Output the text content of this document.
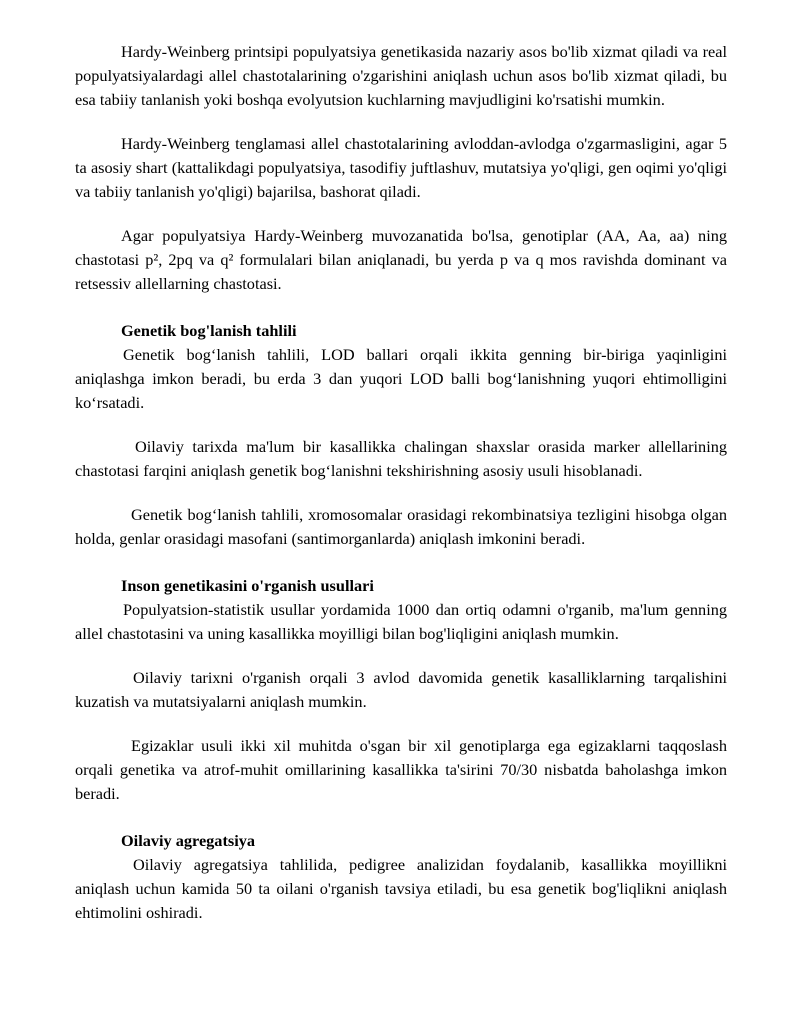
Hardy-Weinberg printsipi populyatsiya genetikasida nazariy asos bo'lib xizmat qiladi va real populyatsiyalardagi allel chastotalarining o'zgarishini aniqlash uchun asos bo'lib xizmat qiladi, bu esa tabiiy tanlanish yoki boshqa evolyutsion kuchlarning mavjudligini ko'rsatishi mumkin.

Hardy-Weinberg tenglamasi allel chastotalarining avloddan-avlodga o'zgarmasligini, agar 5 ta asosiy shart (kattalikdagi populyatsiya, tasodifiy juftlashuv, mutatsiya yo'qligi, gen oqimi yo'qligi va tabiiy tanlanish yo'qligi) bajarilsa, bashorat qiladi.

Agar populyatsiya Hardy-Weinberg muvozanatida bo'lsa, genotiplar (AA, Aa, aa) ning chastotasi p², 2pq va q² formulalari bilan aniqlanadi, bu yerda p va q mos ravishda dominant va retsessiv allellarning chastotasi.

Genetik bog'lanish tahlili

Genetik bog‘lanish tahlili, LOD ballari orqali ikkita genning bir-biriga yaqinligini aniqlashga imkon beradi, bu erda 3 dan yuqori LOD balli bog‘lanishning yuqori ehtimolligini ko‘rsatadi.

Oilaviy tarixda ma'lum bir kasallikka chalingan shaxslar orasida marker allellarining chastotasi farqini aniqlash genetik bog‘lanishni tekshirishning asosiy usuli hisoblanadi.

Genetik bog‘lanish tahlili, xromosomalar orasidagi rekombinatsiya tezligini hisobga olgan holda, genlar orasidagi masofani (santimorganlarda) aniqlash imkonini beradi.

Inson genetikasini o'rganish usullari

Populyatsion-statistik usullar yordamida 1000 dan ortiq odamni o'rganib, ma'lum genning allel chastotasini va uning kasallikka moyilligi bilan bog'liqligini aniqlash mumkin.

Oilaviy tarixni o'rganish orqali 3 avlod davomida genetik kasalliklarning tarqalishini kuzatish va mutatsiyalarni aniqlash mumkin.

Egizaklar usuli ikki xil muhitda o'sgan bir xil genotiplarga ega egizaklarni taqqoslash orqali genetika va atrof-muhit omillarining kasallikka ta'sirini 70/30 nisbatda baholashga imkon beradi.

Oilaviy agregatsiya

Oilaviy agregatsiya tahlilida, pedigree analizidan foydalanib, kasallikka moyillikni aniqlash uchun kamida 50 ta oilani o'rganish tavsiya etiladi, bu esa genetik bog'liqlikni aniqlash ehtimolini oshiradi.
